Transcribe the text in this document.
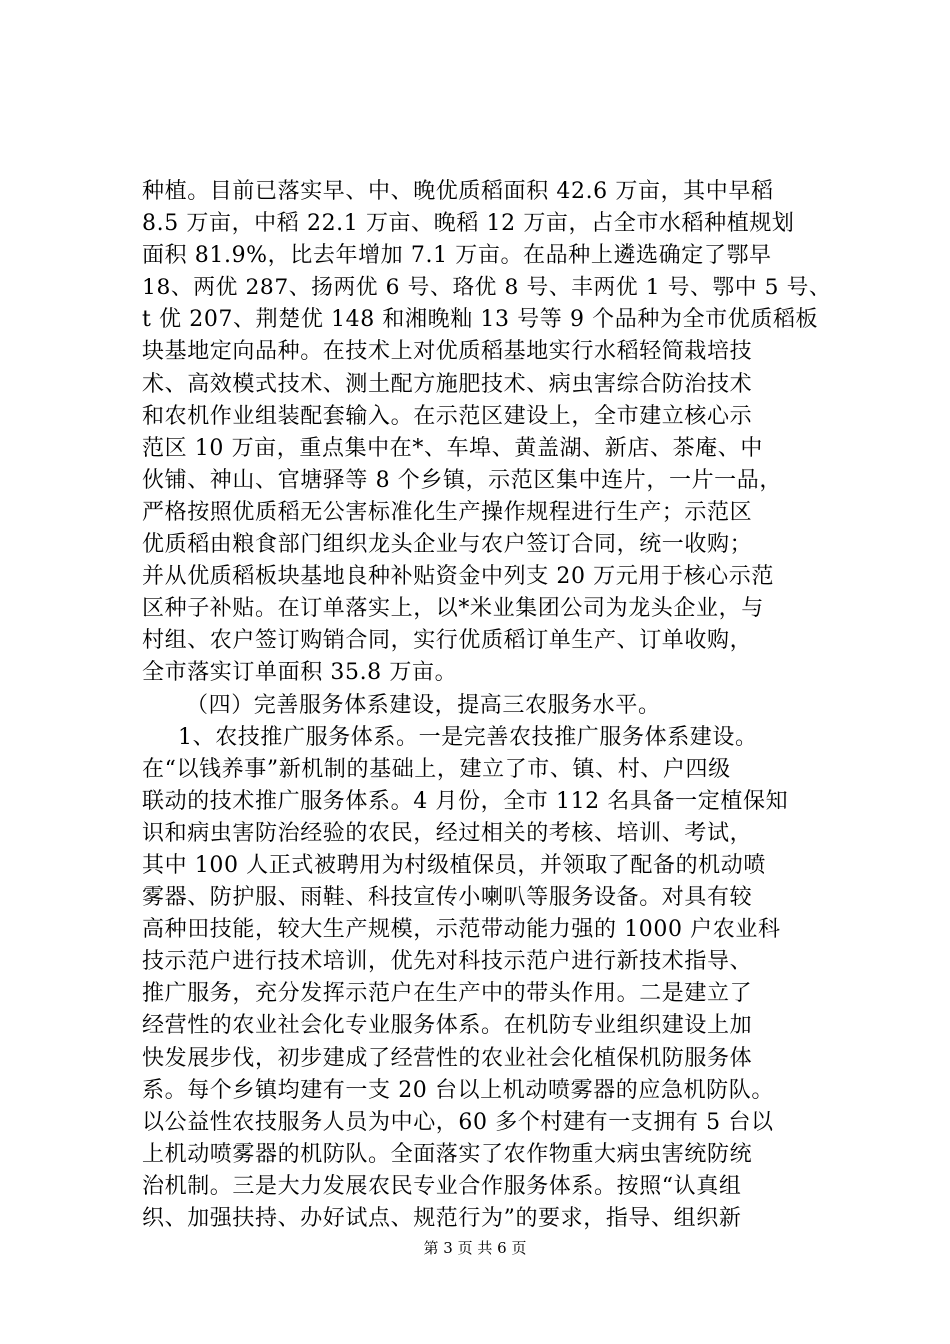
种植。目前已落实早、中、晚优质稻面积 42.6 万亩，其中早稻
8.5 万亩，中稻 22.1 万亩、晚稻 12 万亩，占全市水稻种植规划
面积 81.9%，比去年增加 7.1 万亩。在品种上遴选确定了鄂早
18、两优 287、扬两优 6 号、珞优 8 号、丰两优 1 号、鄂中 5 号、
t 优 207、荆楚优 148 和湘晚籼 13 号等 9 个品种为全市优质稻板
块基地定向品种。在技术上对优质稻基地实行水稻轻简栽培技
术、高效模式技术、测土配方施肥技术、病虫害综合防治技术
和农机作业组装配套输入。在示范区建设上，全市建立核心示
范区 10 万亩，重点集中在*、车埠、黄盖湖、新店、茶庵、中
伙铺、神山、官塘驿等 8 个乡镇，示范区集中连片，一片一品，
严格按照优质稻无公害标准化生产操作规程进行生产；示范区
优质稻由粮食部门组织龙头企业与农户签订合同，统一收购；
并从优质稻板块基地良种补贴资金中列支 20 万元用于核心示范
区种子补贴。在订单落实上，以*米业集团公司为龙头企业，与
村组、农户签订购销合同，实行优质稻订单生产、订单收购，
全市落实订单面积 35.8 万亩。
（四）完善服务体系建设，提高三农服务水平。
1、农技推广服务体系。一是完善农技推广服务体系建设。
在“以钱养事”新机制的基础上，建立了市、镇、村、户四级
联动的技术推广服务体系。4 月份，全市 112 名具备一定植保知
识和病虫害防治经验的农民，经过相关的考核、培训、考试，
其中 100 人正式被聘用为村级植保员，并领取了配备的机动喷
雾器、防护服、雨鞋、科技宣传小喇叭等服务设备。对具有较
高种田技能，较大生产规模，示范带动能力强的 1000 户农业科
技示范户进行技术培训，优先对科技示范户进行新技术指导、
推广服务，充分发挥示范户在生产中的带头作用。二是建立了
经营性的农业社会化专业服务体系。在机防专业组织建设上加
快发展步伐，初步建成了经营性的农业社会化植保机防服务体
系。每个乡镇均建有一支 20 台以上机动喷雾器的应急机防队。
以公益性农技服务人员为中心，60 多个村建有一支拥有 5 台以
上机动喷雾器的机防队。全面落实了农作物重大病虫害统防统
治机制。三是大力发展农民专业合作服务体系。按照“认真组
织、加强扶持、办好试点、规范行为”的要求，指导、组织新
第 3 页 共 6 页
